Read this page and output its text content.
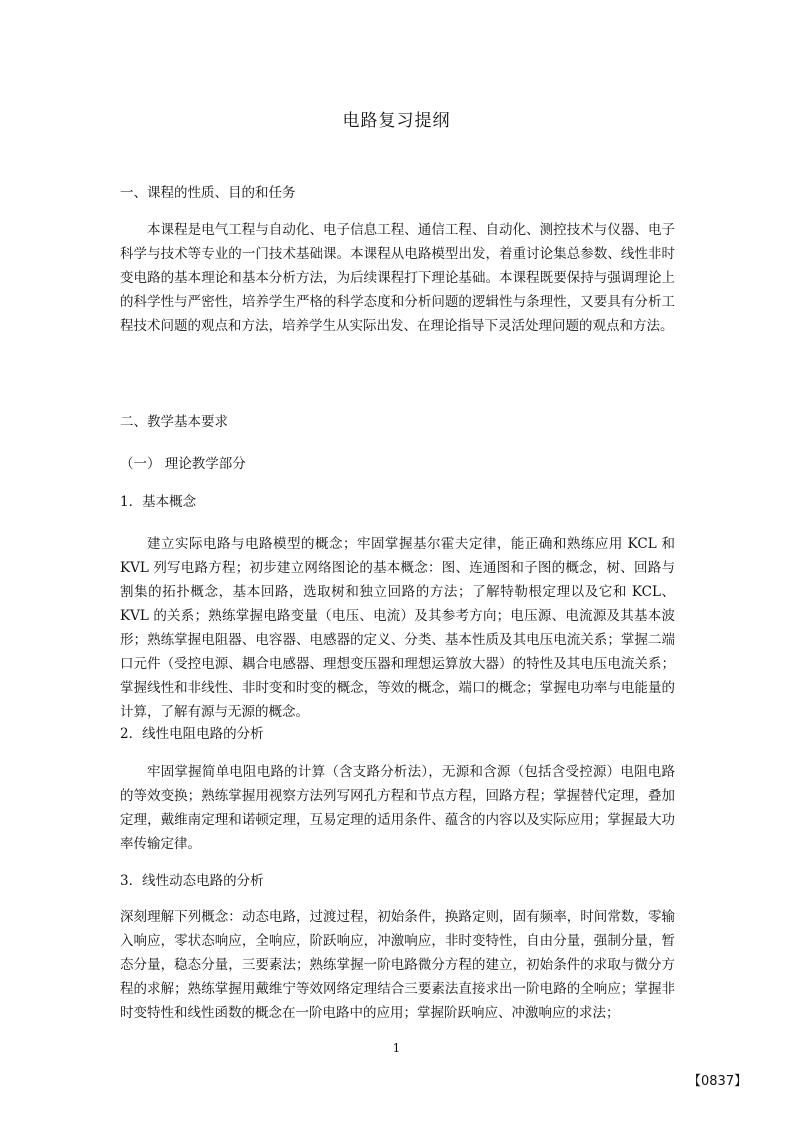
电路复习提纲
一、课程的性质、目的和任务
本课程是电气工程与自动化、电子信息工程、通信工程、自动化、测控技术与仪器、电子科学与技术等专业的一门技术基础课。本课程从电路模型出发，着重讨论集总参数、线性非时变电路的基本理论和基本分析方法，为后续课程打下理论基础。本课程既要保持与强调理论上的科学性与严密性，培养学生严格的科学态度和分析问题的逻辑性与条理性，又要具有分析工程技术问题的观点和方法，培养学生从实际出发、在理论指导下灵活处理问题的观点和方法。
二、教学基本要求
（一） 理论教学部分
1．基本概念
建立实际电路与电路模型的概念；牢固掌握基尔霍夫定律，能正确和熟练应用 KCL 和 KVL 列写电路方程；初步建立网络图论的基本概念：图、连通图和子图的概念，树、回路与割集的拓扑概念，基本回路，选取树和独立回路的方法；了解特勒根定理以及它和 KCL、KVL 的关系；熟练掌握电路变量（电压、电流）及其参考方向；电压源、电流源及其基本波形；熟练掌握电阻器、电容器、电感器的定义、分类、基本性质及其电压电流关系；掌握二端口元件（受控电源、耦合电感器、理想变压器和理想运算放大器）的特性及其电压电流关系；掌握线性和非线性、非时变和时变的概念，等效的概念，端口的概念；掌握电功率与电能量的计算，了解有源与无源的概念。
2．线性电阻电路的分析
牢固掌握简单电阻电路的计算（含支路分析法），无源和含源（包括含受控源）电阻电路的等效变换；熟练掌握用视察方法列写网孔方程和节点方程，回路方程；掌握替代定理，叠加定理，戴维南定理和诺顿定理，互易定理的适用条件、蕴含的内容以及实际应用；掌握最大功率传输定律。
3．线性动态电路的分析
深刻理解下列概念：动态电路，过渡过程，初始条件，换路定则，固有频率，时间常数，零输入响应，零状态响应，全响应，阶跃响应，冲激响应，非时变特性，自由分量，强制分量，暂态分量，稳态分量，三要素法；熟练掌握一阶电路微分方程的建立，初始条件的求取与微分方程的求解；熟练掌握用戴维宁等效网络定理结合三要素法直接求出一阶电路的全响应；掌握非时变特性和线性函数的概念在一阶电路中的应用；掌握阶跃响应、冲激响应的求法；
1
【0837】
